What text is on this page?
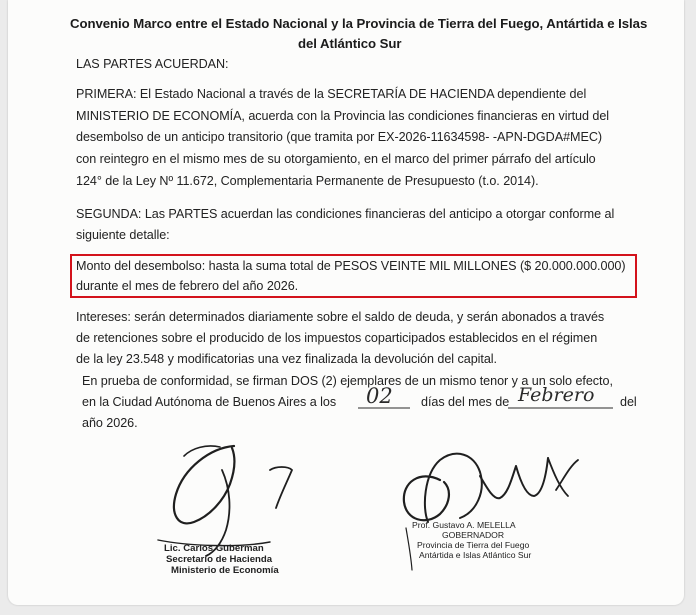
Convenio Marco entre el Estado Nacional y la Provincia de Tierra del Fuego, Antártida e Islas
del Atlántico Sur
LAS PARTES ACUERDAN:
PRIMERA: El Estado Nacional a través de la SECRETARÍA DE HACIENDA dependiente del
MINISTERIO DE ECONOMÍA, acuerda con la Provincia las condiciones financieras en virtud del
desembolso de un anticipo transitorio (que tramita por EX-2026-11634598- -APN-DGDA#MEC)
con reintegro en el mismo mes de su otorgamiento, en el marco del primer párrafo del artículo
124° de la Ley Nº 11.672, Complementaria Permanente de Presupuesto (t.o. 2014).
SEGUNDA: Las PARTES acuerdan las condiciones financieras del anticipo a otorgar conforme al
siguiente detalle:
Monto del desembolso: hasta la suma total de PESOS VEINTE MIL MILLONES ($ 20.000.000.000)
durante el mes de febrero del año 2026.
Intereses: serán determinados diariamente sobre el saldo de deuda, y serán abonados a través
de retenciones sobre el producido de los impuestos coparticipados establecidos en el régimen
de la ley 23.548 y modificatorias una vez finalizada la devolución del capital.
En prueba de conformidad, se firman DOS (2) ejemplares de un mismo tenor y a un solo efecto,
en la Ciudad Autónoma de Buenos Aires a los 02 días del mes de Febrero del
año 2026.
Lic. Carlos Guberman
Secretario de Hacienda
Ministerio de Economía
Prof. Gustavo A. MELELLA
GOBERNADOR
Provincia de Tierra del Fuego
Antártida e Islas Atlántico Sur
